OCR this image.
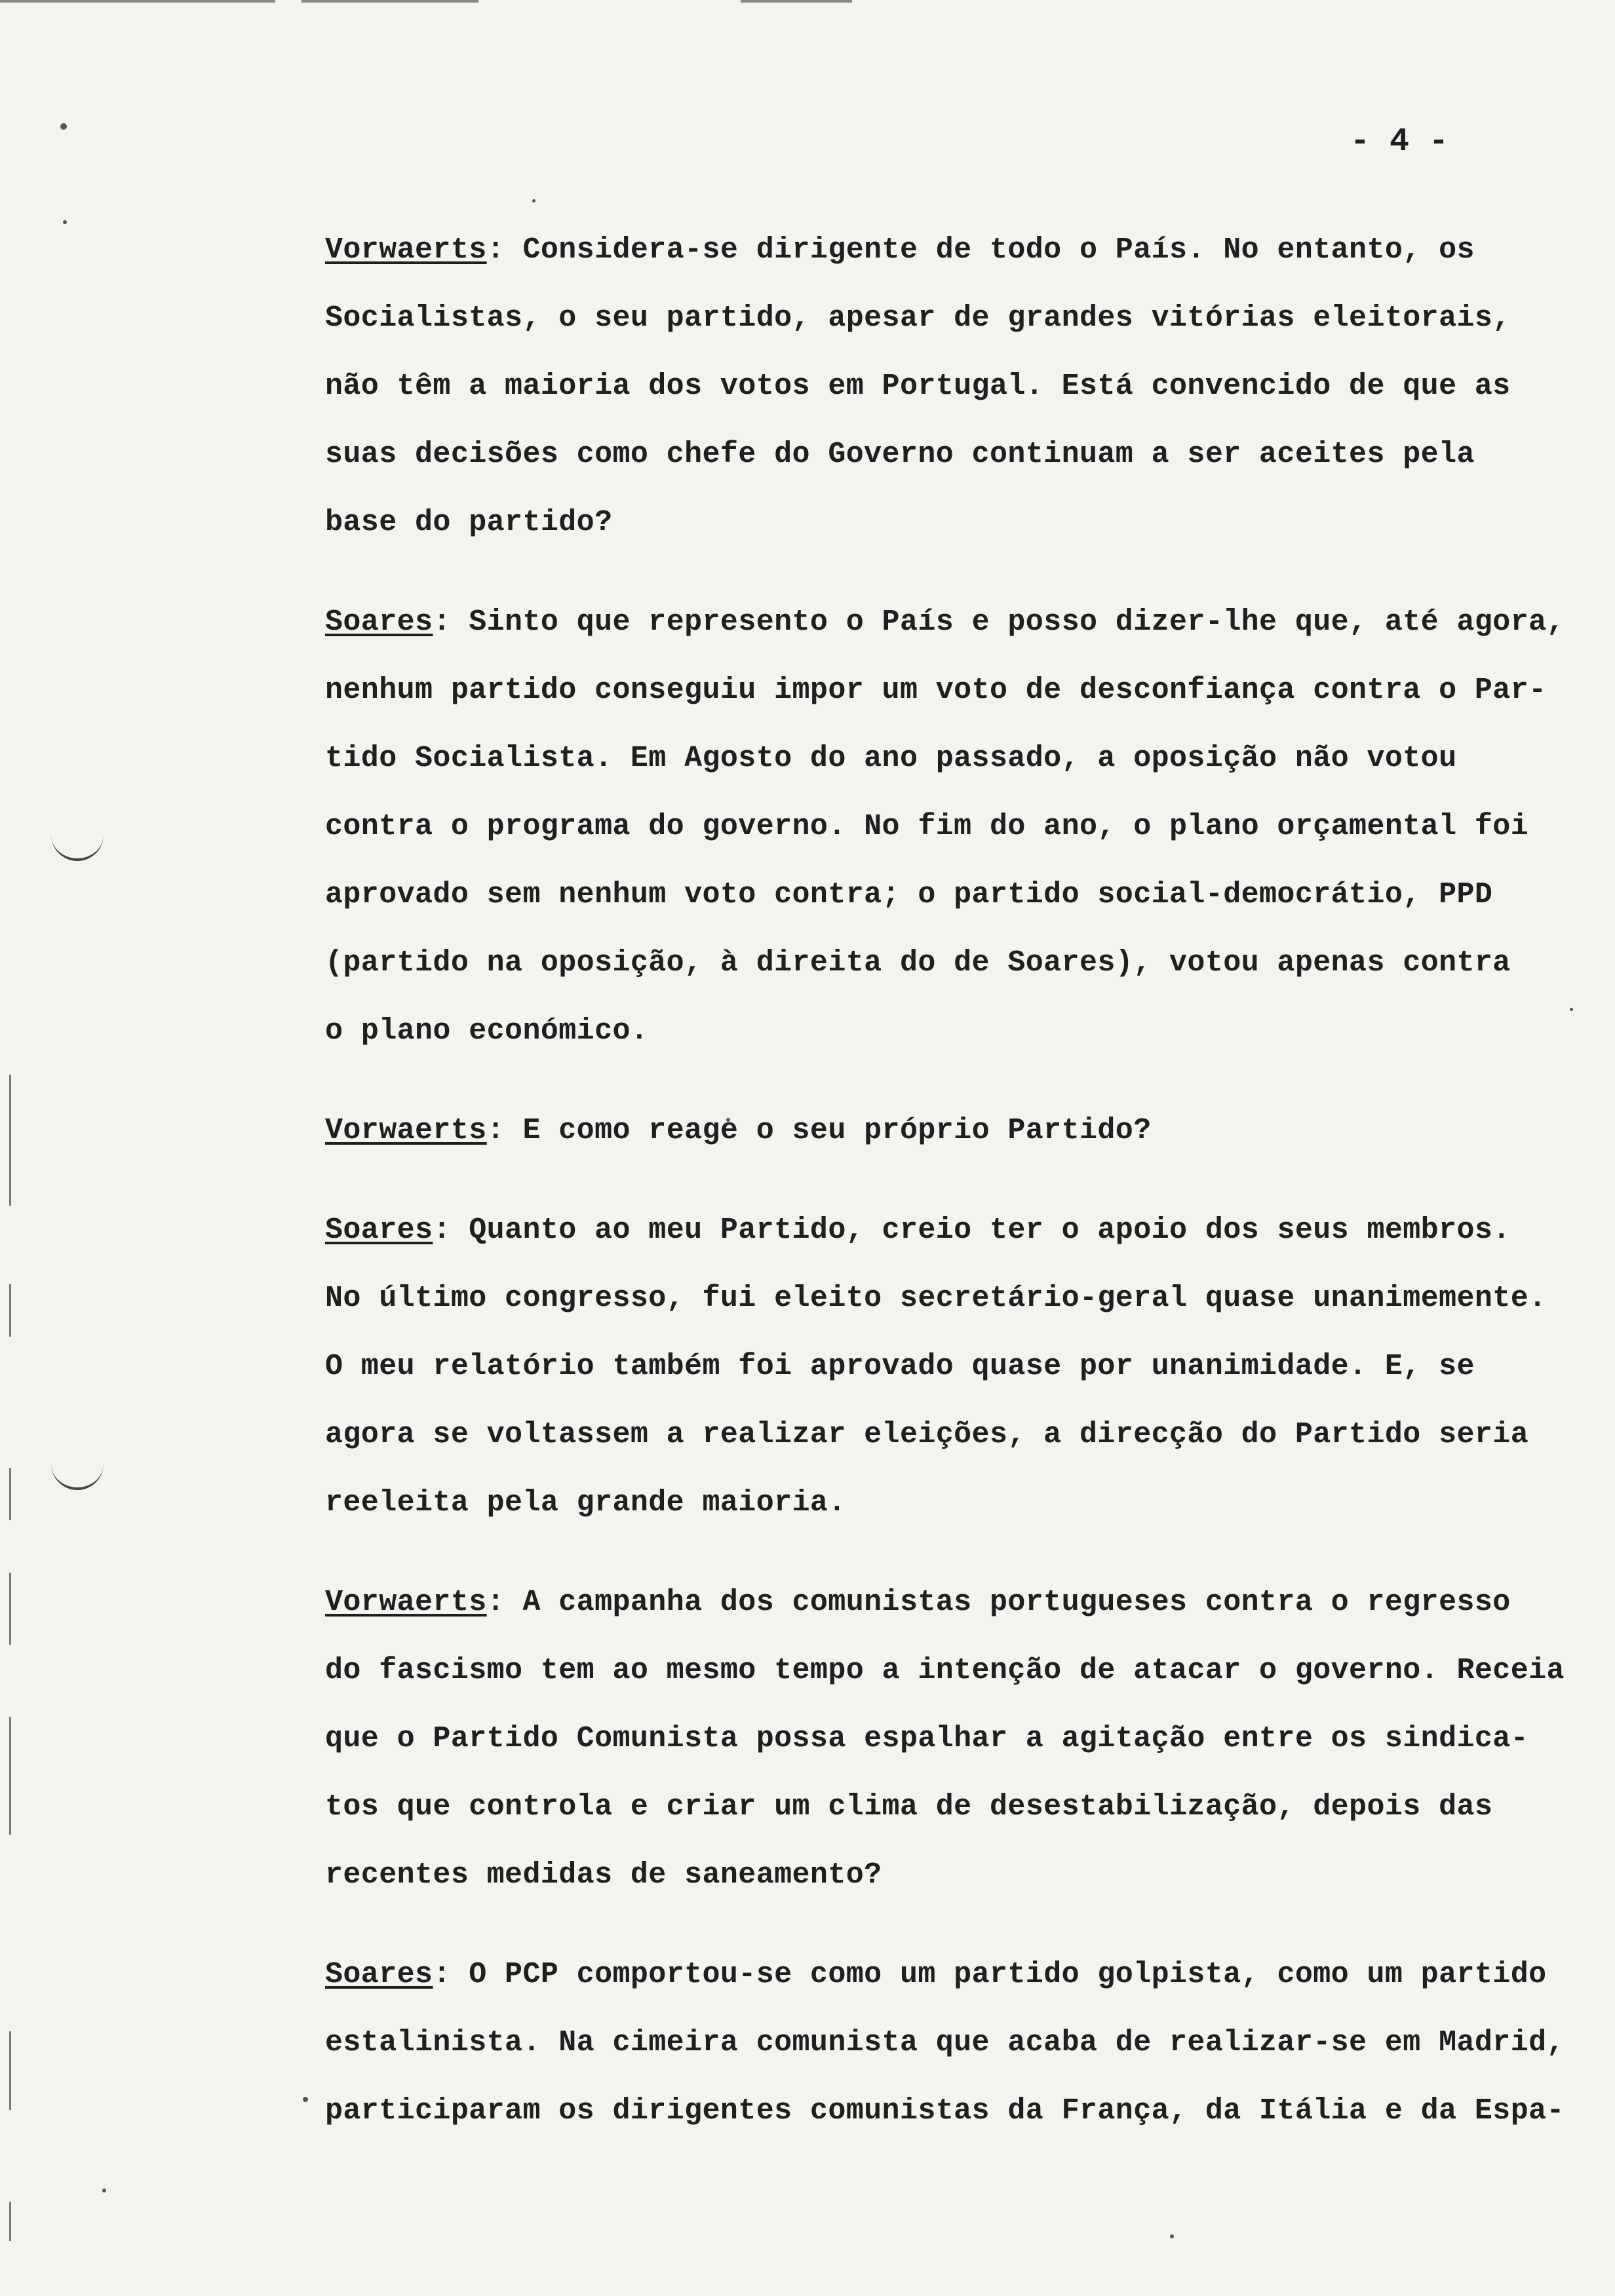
- 4 -
Vorwaerts: Considera-se dirigente de todo o País. No entanto, os
Socialistas, o seu partido, apesar de grandes vitórias eleitorais,
não têm a maioria dos votos em Portugal. Está convencido de que as
suas decisões como chefe do Governo continuam a ser aceites pela
base do partido?
Soares: Sinto que represento o País e posso dizer-lhe que, até agora,
nenhum partido conseguiu impor um voto de desconfiança contra o Par-
tido Socialista. Em Agosto do ano passado, a oposição não votou
contra o programa do governo. No fim do ano, o plano orçamental foi
aprovado sem nenhum voto contra; o partido social-democrátio, PPD
(partido na oposição, à direita do de Soares), votou apenas contra
o plano económico.
Vorwaerts: E como reage o seu próprio Partido?
Soares: Quanto ao meu Partido, creio ter o apoio dos seus membros.
No último congresso, fui eleito secretário-geral quase unanimemente.
O meu relatório também foi aprovado quase por unanimidade. E, se
agora se voltassem a realizar eleições, a direcção do Partido seria
reeleita pela grande maioria.
Vorwaerts: A campanha dos comunistas portugueses contra o regresso
do fascismo tem ao mesmo tempo a intenção de atacar o governo. Receia
que o Partido Comunista possa espalhar a agitação entre os sindica-
tos que controla e criar um clima de desestabilização, depois das
recentes medidas de saneamento?
Soares: O PCP comportou-se como um partido golpista, como um partido
estalinista. Na cimeira comunista que acaba de realizar-se em Madrid,
participaram os dirigentes comunistas da França, da Itália e da Espa-
